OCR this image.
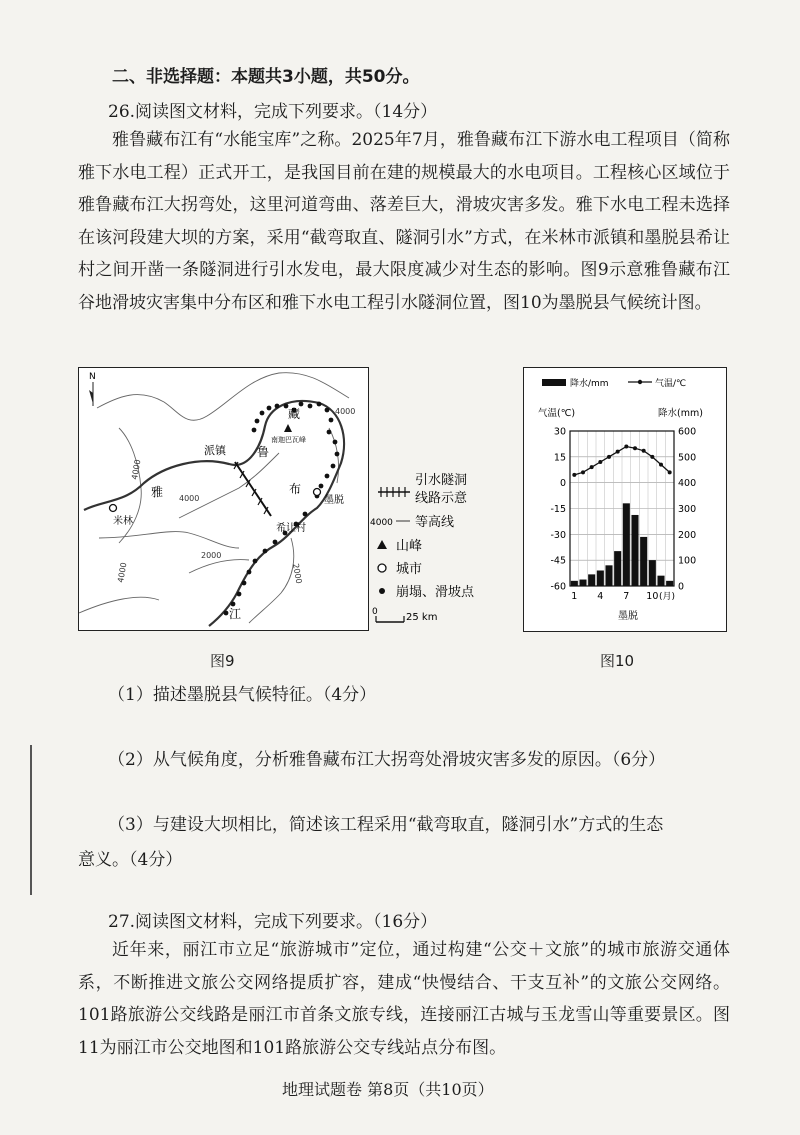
二、非选择题：本题共3小题，共50分。
26.阅读图文材料，完成下列要求。（14分）
雅鲁藏布江有“水能宝库”之称。2025年7月，雅鲁藏布江下游水电工程项目（简称雅下水电工程）正式开工，是我国目前在建的规模最大的水电项目。工程核心区域位于雅鲁藏布江大拐弯处，这里河道弯曲、落差巨大，滑坡灾害多发。雅下水电工程未选择在该河段建大坝的方案，采用“截弯取直、隧洞引水”方式，在米林市派镇和墨脱县希让村之间开凿一条隧洞进行引水发电，最大限度减少对生态的影响。图9示意雅鲁藏布江谷地滑坡灾害集中分布区和雅下水电工程引水隧洞位置，图10为墨脱县气候统计图。
N
南迦巴瓦峰
米林
墨脱
派镇
希让村
雅
鲁
藏
布
江
4000
4000
4000
4000
2000
2000
引水隧洞
线路示意
4000 等高线
山峰
城市
崩塌、滑坡点
0	25 km
降水/mm	气温/℃
气温(℃)	降水(mm)
30
15
0
-15
-30
-45
-60
600
500
400
300
200
100
0
1 4 7 10 (月)
墨脱
图9	图10
（1）描述墨脱县气候特征。（4分）
（2）从气候角度，分析雅鲁藏布江大拐弯处滑坡灾害多发的原因。（6分）
（3）与建设大坝相比，简述该工程采用“截弯取直，隧洞引水”方式的生态
意义。（4分）
27.阅读图文材料，完成下列要求。（16分）
近年来，丽江市立足“旅游城市”定位，通过构建“公交＋文旅”的城市旅游交通体系，不断推进文旅公交网络提质扩容，建成“快慢结合、干支互补”的文旅公交网络。101路旅游公交线路是丽江市首条文旅专线，连接丽江古城与玉龙雪山等重要景区。图11为丽江市公交地图和101路旅游公交专线站点分布图。
地理试题卷 第8页（共10页）
